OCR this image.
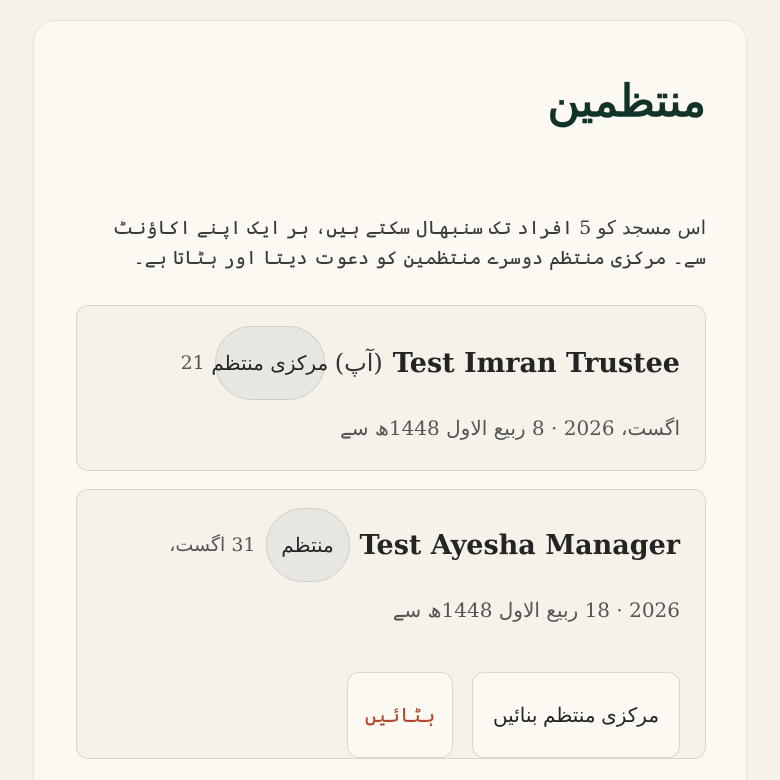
منتظمین

اس مسجد کو 5 افراد تک سنبھال سکتے ہیں، ہر ایک اپنے اکاؤنٹ سے۔ مرکزی منتظم دوسرے منتظمین کو دعوت دیتا اور ہٹاتا ہے۔

Test Imran Trustee
(آپ)
مرکزی منتظم
21
اگست، 2026 · 8 ربیع الاول 1448ھ سے
Test Ayesha Manager
منتظم
31 اگست،
2026 · 18 ربیع الاول 1448ھ سے
مرکزی منتظم بنائیں
ہٹائیں
